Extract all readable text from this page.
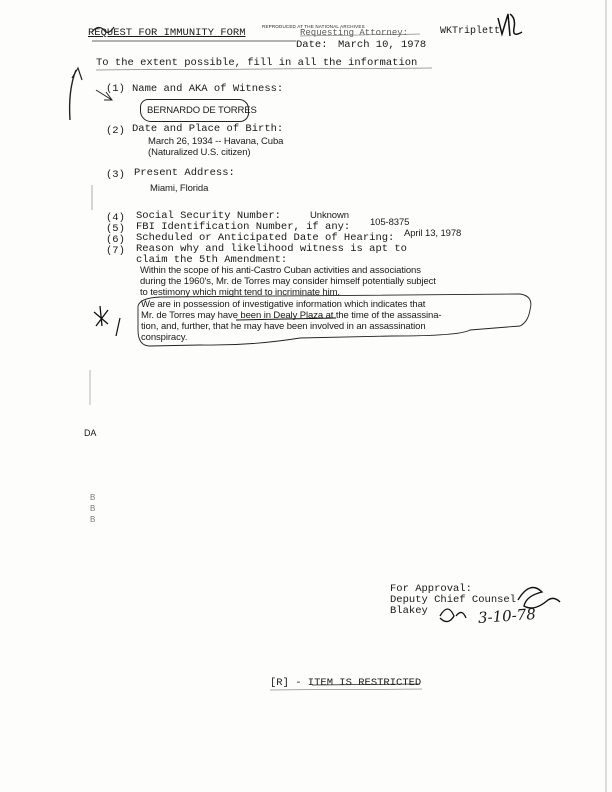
REQUEST FOR IMMUNITY FORM
REPRODUCED AT THE NATIONAL ARCHIVES
Requesting Attorney:	WKTriplett
Date: March 10, 1978
To the extent possible, fill in all the information
(1) Name and AKA of Witness:
BERNARDO DE TORRES
(2) Date and Place of Birth:
March 26, 1934 -- Havana, Cuba
(Naturalized U.S. citizen)
(3) Present Address:
Miami, Florida
(4) Social Security Number:	Unknown
(5) FBI Identification Number, if any: 105-8375
(6) Scheduled or Anticipated Date of Hearing: April 13, 1978
(7) Reason why and likelihood witness is apt to
claim the 5th Amendment:
Within the scope of his anti-Castro Cuban activities and associations
during the 1960's, Mr. de Torres may consider himself potentially subject
to testimony which might tend to incriminate him.
We are in possession of investigative information which indicates that
Mr. de Torres may have been in Dealy Plaza at the time of the assassina-
tion, and, further, that he may have been involved in an assassination
conspiracy.
DA
B
B
B
For Approval:
Deputy Chief Counsel
Blakey	3-10-78
[R] - ITEM IS RESTRICTED
